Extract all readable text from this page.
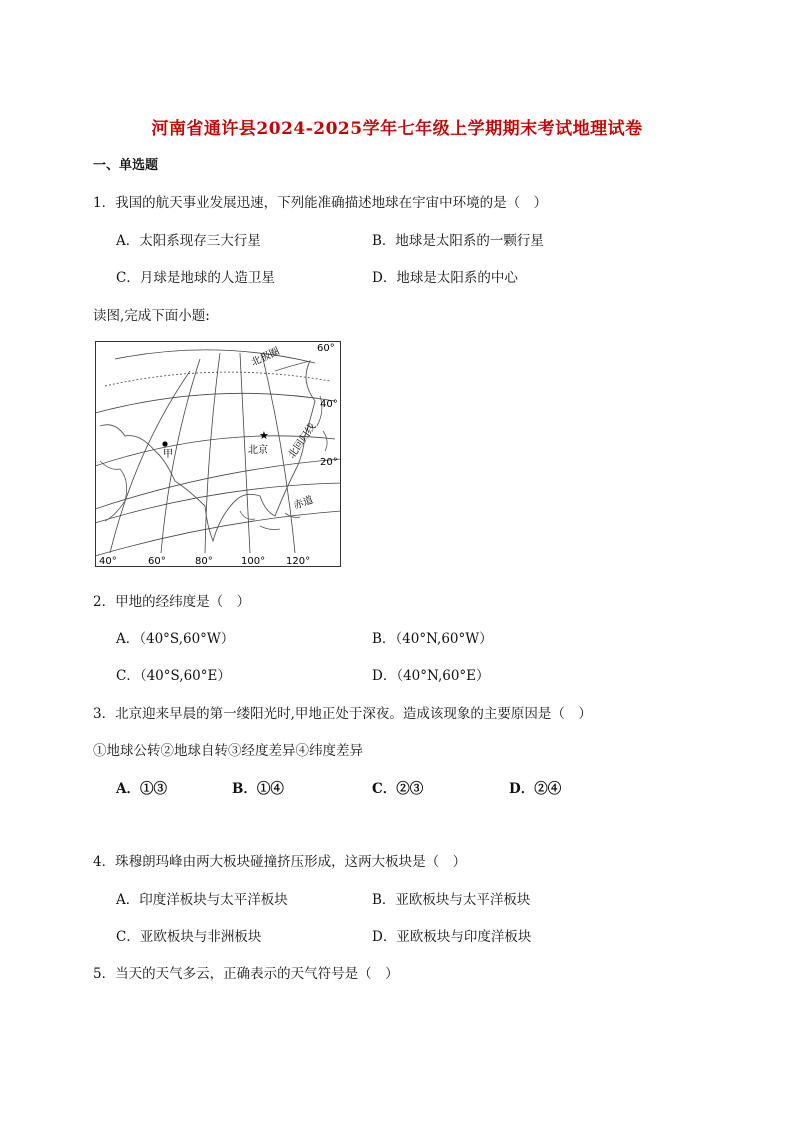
河南省通许县2024-2025学年七年级上学期期末考试地理试卷
一、单选题
1．我国的航天事业发展迅速，下列能准确描述地球在宇宙中环境的是（　）
A．太阳系现存三大行星	B．地球是太阳系的一颗行星
C．月球是地球的人造卫星	D．地球是太阳系的中心
读图,完成下面小题:
甲
★
北京
北极圈
北回归线
赤道
60°
40°
20°
40°	60°	80°	100° 120°
2．甲地的经纬度是（　）
A．（40°S,60°W）	B．（40°N,60°W）
C．（40°S,60°E）	D．（40°N,60°E）
3．北京迎来早晨的第一缕阳光时,甲地正处于深夜。造成该现象的主要原因是（　）
①地球公转②地球自转③经度差异④纬度差异
A．①③	B．①④	C．②③	D．②④
4．珠穆朗玛峰由两大板块碰撞挤压形成，这两大板块是（　）
A．印度洋板块与太平洋板块	B．亚欧板块与太平洋板块
C．亚欧板块与非洲板块	D．亚欧板块与印度洋板块
5．当天的天气多云，正确表示的天气符号是（　）
